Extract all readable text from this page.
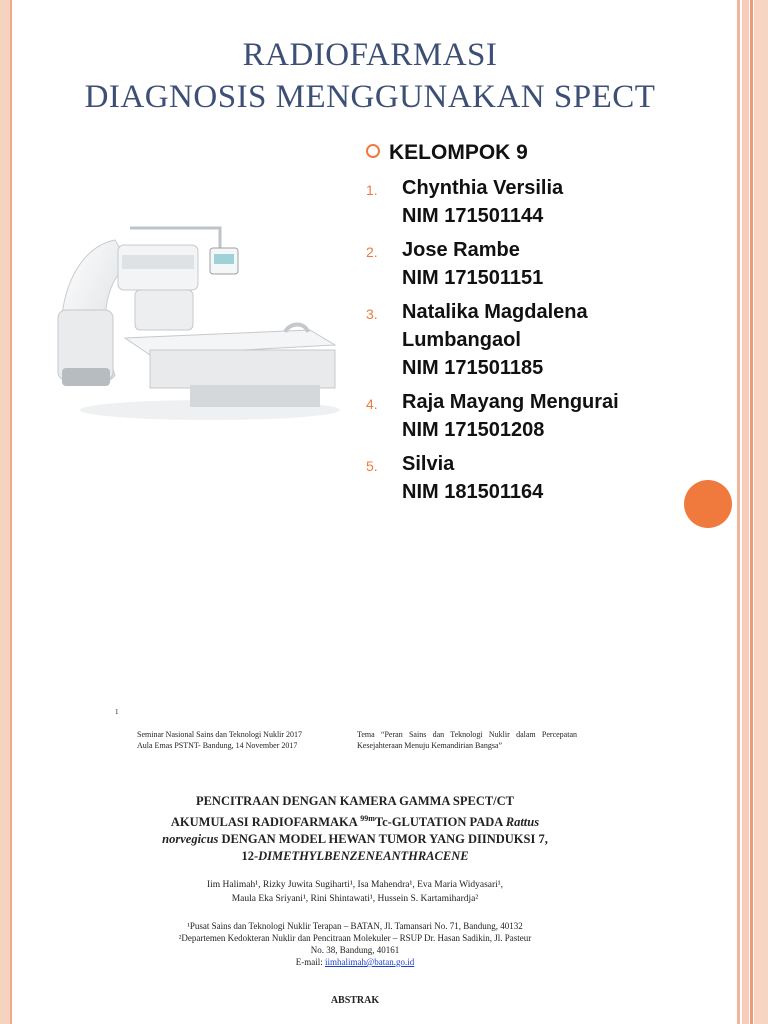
RADIOFARMASI
DIAGNOSIS MENGGUNAKAN SPECT
KELOMPOK 9
1.	Chynthia Versilia
NIM 171501144
2.	Jose Rambe
NIM 171501151
3.	Natalika Magdalena Lumbangaol
NIM 171501185
4.	Raja Mayang Mengurai
NIM 171501208
5.	Silvia
NIM 181501164
1
Seminar Nasional Sains dan Teknologi Nuklir 2017
Aula Emas PSTNT- Bandung, 14 November 2017
Tema “Peran Sains dan Teknologi Nuklir dalam Percepatan Kesejahteraan Menuju Kemandirian Bangsa”
PENCITRAAN DENGAN KAMERA GAMMA SPECT/CT
AKUMULASI RADIOFARMAKA $^{99m}$Tc-GLUTATION PADA Rattus
norvegicus DENGAN MODEL HEWAN TUMOR YANG DIINDUKSI 7,
12-DIMETHYLBENZENEANTHRACENE
Iim Halimah¹, Rizky Juwita Sugiharti¹, Isa Mahendra¹, Eva Maria Widyasari¹,
Maula Eka Sriyani¹, Rini Shintawati¹, Hussein S. Kartamihardja²
¹Pusat Sains dan Teknologi Nuklir Terapan – BATAN, Jl. Tamansari No. 71, Bandung, 40132
²Departemen Kedokteran Nuklir dan Pencitraan Molekuler – RSUP Dr. Hasan Sadikin, Jl. Pasteur
No. 38, Bandung, 40161
E-mail: iimhalimah@batan.go.id
ABSTRAK
